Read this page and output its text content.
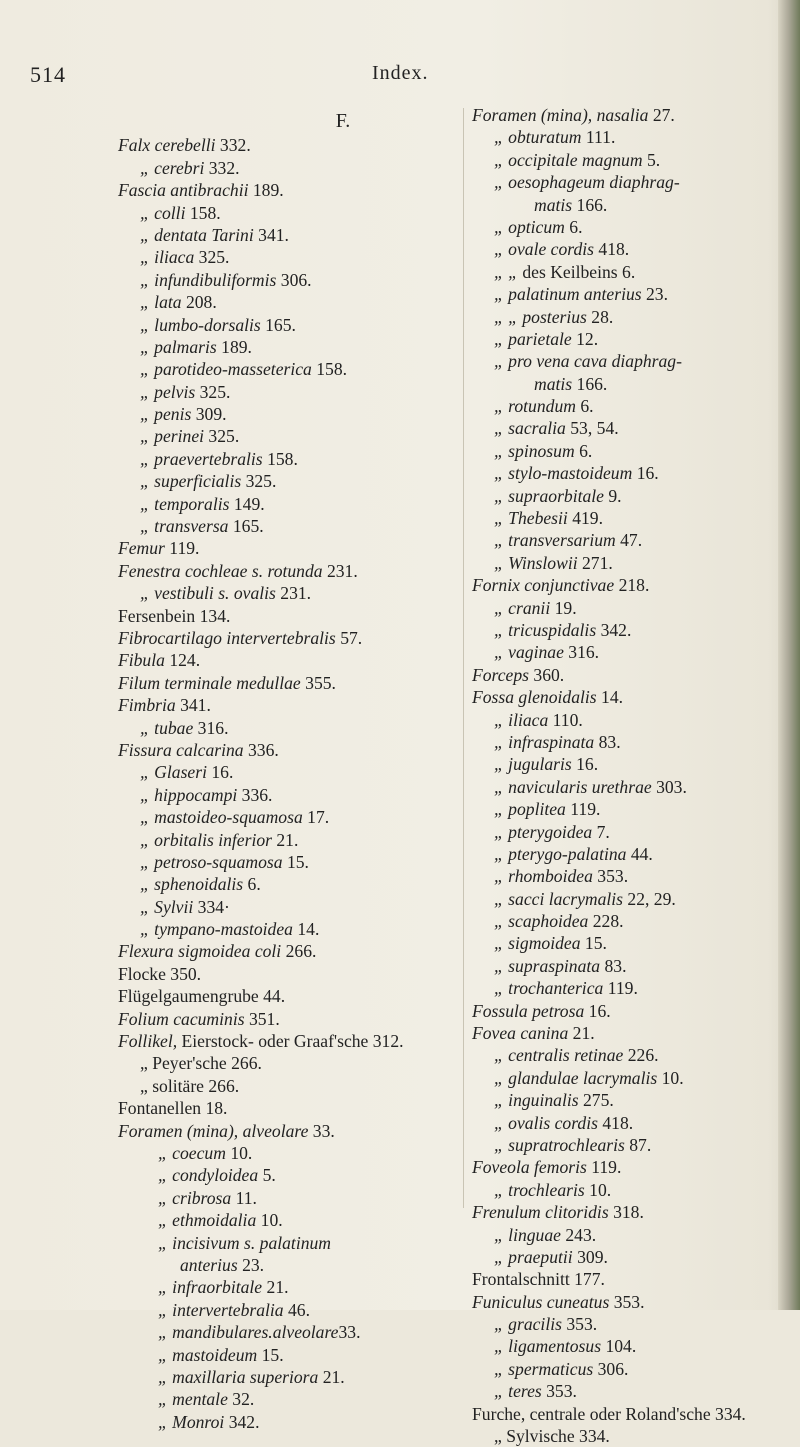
514	Index.
F.
Falx cerebelli 332.
„ cerebri 332.
Fascia antibrachii 189.
„ colli 158.
„ dentata Tarini 341.
„ iliaca 325.
„ infundibuliformis 306.
„ lata 208.
„ lumbo-dorsalis 165.
„ palmaris 189.
„ parotideo-masseterica 158.
„ pelvis 325.
„ penis 309.
„ perinei 325.
„ praevertebralis 158.
„ superficialis 325.
„ temporalis 149.
„ transversa 165.
Femur 119.
Fenestra cochleae s. rotunda 231.
„ vestibuli s. ovalis 231.
Fersenbein 134.
Fibrocartilago intervertebralis 57.
Fibula 124.
Filum terminale medullae 355.
Fimbria 341.
„ tubae 316.
Fissura calcarina 336.
„ Glaseri 16.
„ hippocampi 336.
„ mastoideo-squamosa 17.
„ orbitalis inferior 21.
„ petroso-squamosa 15.
„ sphenoidalis 6.
„ Sylvii 334·
„ tympano-mastoidea 14.
Flexura sigmoidea coli 266.
Flocke 350.
Flügelgaumengrube 44.
Folium cacuminis 351.
Follikel, Eierstock- oder Graaf'sche 312.
„ Peyer'sche 266.
„ solitäre 266.
Fontanellen 18.
Foramen (mina), alveolare 33.
„ coecum 10.
„ condyloidea 5.
„ cribrosa 11.
„ ethmoidalia 10.
„ incisivum s. palatinum
anterius 23.
„ infraorbitale 21.
„ intervertebralia 46.
„ mandibulares.alveolare33.
„ mastoideum 15.
„ maxillaria superiora 21.
„ mentale 32.
„ Monroi 342.
Foramen (mina), nasalia 27.
„ obturatum 111.
„ occipitale magnum 5.
„ oesophageum diaphrag-
matis 166.
„ opticum 6.
„ ovale cordis 418.
„ „ des Keilbeins 6.
„ palatinum anterius 23.
„ „ posterius 28.
„ parietale 12.
„ pro vena cava diaphrag-
matis 166.
„ rotundum 6.
„ sacralia 53, 54.
„ spinosum 6.
„ stylo-mastoideum 16.
„ supraorbitale 9.
„ Thebesii 419.
„ transversarium 47.
„ Winslowii 271.
Fornix conjunctivae 218.
„ cranii 19.
„ tricuspidalis 342.
„ vaginae 316.
Forceps 360.
Fossa glenoidalis 14.
„ iliaca 110.
„ infraspinata 83.
„ jugularis 16.
„ navicularis urethrae 303.
„ poplitea 119.
„ pterygoidea 7.
„ pterygo-palatina 44.
„ rhomboidea 353.
„ sacci lacrymalis 22, 29.
„ scaphoidea 228.
„ sigmoidea 15.
„ supraspinata 83.
„ trochanterica 119.
Fossula petrosa 16.
Fovea canina 21.
„ centralis retinae 226.
„ glandulae lacrymalis 10.
„ inguinalis 275.
„ ovalis cordis 418.
„ supratrochlearis 87.
Foveola femoris 119.
„ trochlearis 10.
Frenulum clitoridis 318.
„ linguae 243.
„ praeputii 309.
Frontalschnitt 177.
Funiculus cuneatus 353.
„ gracilis 353.
„ ligamentosus 104.
„ spermaticus 306.
„ teres 353.
Furche, centrale oder Roland'sche 334.
„ Sylvische 334.
